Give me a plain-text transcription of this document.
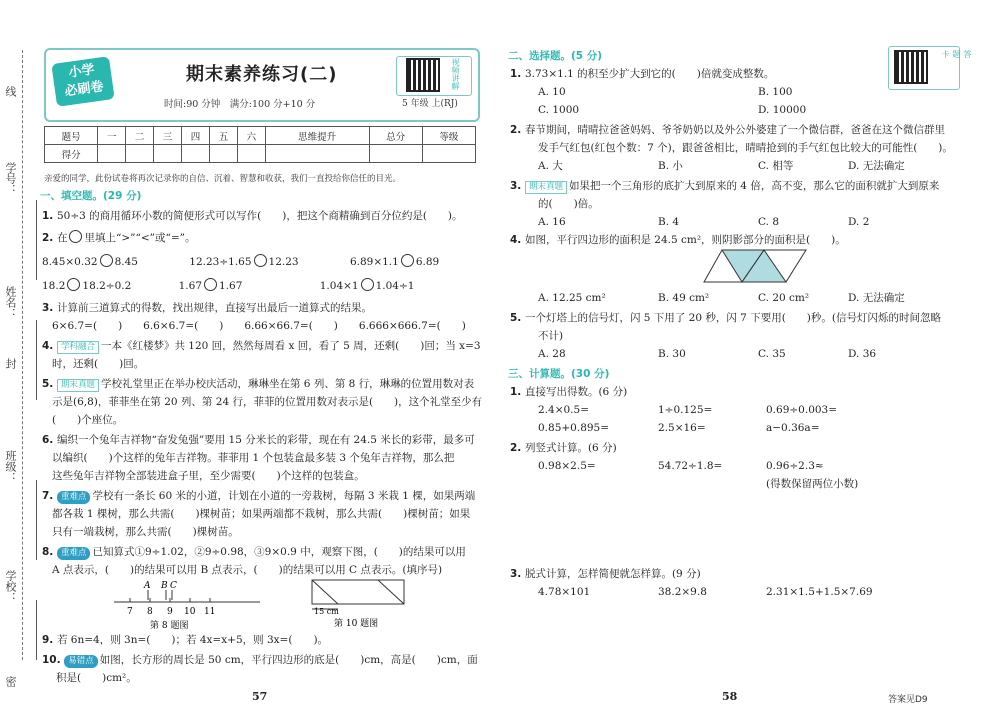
线
学号：
姓名：
封
班级：
学校：
密
小学
必刷卷
期末素养练习(二)
时间:90 分钟　满分:100 分+10 分	5 年级 上(RJ)
视频讲解
题号	一	二	三	四	五	六	思维提升	总分	等级
得分									
亲爱的同学，此份试卷将再次记录你的自信、沉着、智慧和收获，我们一直投给你信任的目光。
一、填空题。(29 分)
1. 50÷3 的商用循环小数的简便形式可以写作(　　)，把这个商精确到百分位约是(　　)。
2. 在 里填上“>”“<”或“=”。
8.45×0.32 8.45	12.23÷1.65 12.23	6.89×1.1 6.89
18.2 18.2÷0.2	1.67 1.67	1.04×1 1.04÷1
3. 计算前三道算式的得数，找出规律，直接写出最后一道算式的结果。
6×6.7=(　　)　　6.6×6.7=(　　)　　6.66×66.7=(　　)　　6.666×666.7=(　　)
4. 学科融合 一本《红楼梦》共 120 回，然然每周看 x 回，看了 5 周，还剩(　　)回；当 x=3
时，还剩(　　)回。
5. 期末真题 学校礼堂里正在举办校庆活动，琳琳坐在第 6 列、第 8 行，琳琳的位置用数对表
示是(6,8)，菲菲坐在第 20 列、第 24 行，菲菲的位置用数对表示是(　　)，这个礼堂至少有
(　　)个座位。
6. 编织一个兔年吉祥物“奋发兔强”要用 15 分米长的彩带，现在有 24.5 米长的彩带，最多可
以编织(　　)个这样的兔年吉祥物。菲菲用 1 个包装盒最多装 3 个兔年吉祥物，那么把
这些兔年吉祥物全部装进盒子里，至少需要(　　)个这样的包装盒。
7. 重难点 学校有一条长 60 米的小道，计划在小道的一旁栽树，每隔 3 米栽 1 棵，如果两端
都各栽 1 棵树，那么共需(　　)棵树苗；如果两端都不栽树，那么共需(　　)棵树苗；如果
只有一端栽树，那么共需(　　)棵树苗。
8. 重难点 已知算式①9÷1.02，②9÷0.98，③9×0.9 中，观察下图，(　　)的结果可以用
A 点表示，(　　)的结果可以用 B 点表示，(　　)的结果可以用 C 点表示。(填序号)
7 8 9 10 11
A B C
第 8 题图
15 cm
第 10 题图
9. 若 6n=4，则 3n=(　　)；若 4x=x+5，则 3x=(　　)。
10. 易错点 如图，长方形的周长是 50 cm，平行四边形的底是(　　)cm，高是(　　)cm，面
积是(　　)cm²。
57
二、选择题。(5 分)	答题卡
1. 3.73×1.1 的积至少扩大到它的(　　)倍就变成整数。
A. 10	B. 100
C. 1000	D. 10000
2. 春节期间，晴晴拉爸爸妈妈、爷爷奶奶以及外公外婆建了一个微信群，爸爸在这个微信群里
发手气红包(红包个数：7 个)，跟爸爸相比，晴晴抢到的手气红包比较大的可能性(　　)。
A. 大	B. 小	C. 相等	D. 无法确定
3. 期末真题 如果把一个三角形的底扩大到原来的 4 倍，高不变，那么它的面积就扩大到原来
的(　　)倍。
A. 16	B. 4	C. 8	D. 2
4. 如图，平行四边形的面积是 24.5 cm²，则阴影部分的面积是(　　)。
A. 12.25 cm²	B. 49 cm²	C. 20 cm²	D. 无法确定
5. 一个灯塔上的信号灯，闪 5 下用了 20 秒，闪 7 下要用(　　)秒。(信号灯闪烁的时间忽略
不计)
A. 28	B. 30	C. 35	D. 36
三、计算题。(30 分)
1. 直接写出得数。(6 分)
2.4×0.5=	1÷0.125=	0.69÷0.003=
0.85+0.895=	2.5×16=	a−0.36a=
2. 列竖式计算。(6 分)
0.98×2.5=	54.72÷1.8=	0.96÷2.3≈
(得数保留两位小数)
3. 脱式计算，怎样简便就怎样算。(9 分)
4.78×101	38.2×9.8	2.31×1.5+1.5×7.69
58	答案见D9
